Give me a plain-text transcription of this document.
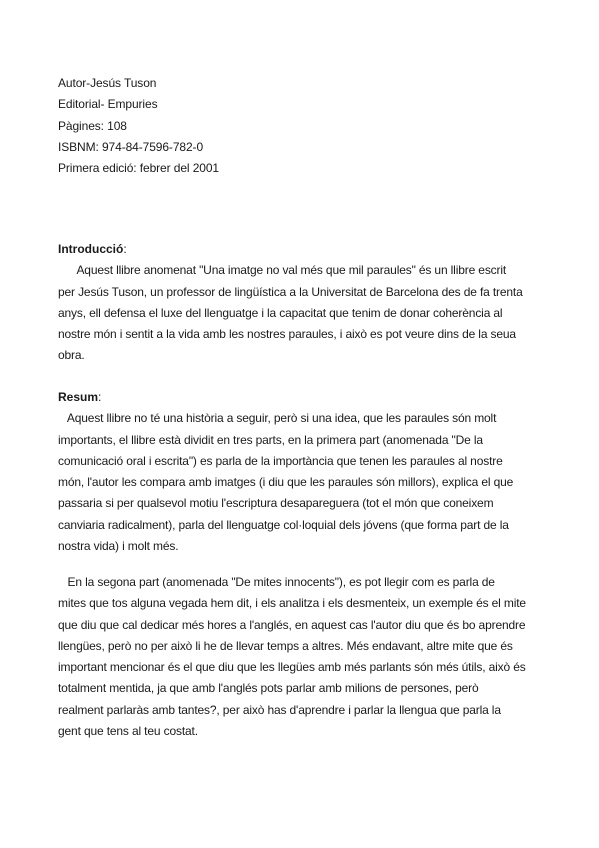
Autor-Jesús Tuson
Editorial- Empuries
Pàgines: 108
ISBNM: 974-84-7596-782-0
Primera edició: febrer del 2001
Introducció:

Aquest llibre anomenat "Una imatge no val més que mil paraules" és un llibre escrit
per Jesús Tuson, un professor de lingüística a la Universitat de Barcelona des de fa trenta
anys, ell defensa el luxe del llenguatge i la capacitat que tenim de donar coherència al
nostre món i sentit a la vida amb les nostres paraules, i això es pot veure dins de la seua
obra.

Resum:

Aquest llibre no té una història a seguir, però si una idea, que les paraules són molt
importants, el llibre està dividit en tres parts, en la primera part (anomenada "De la
comunicació oral i escrita") es parla de la importància que tenen les paraules al nostre
món, l'autor les compara amb imatges (i diu que les paraules són millors), explica el que
passaria si per qualsevol motiu l'escriptura desapareguera (tot el món que coneixem
canviaria radicalment), parla del llenguatge col·loquial dels jóvens (que forma part de la
nostra vida) i molt més.

En la segona part (anomenada "De mites innocents"), es pot llegir com es parla de
mites que tos alguna vegada hem dit, i els analitza i els desmenteix, un exemple és el mite
que diu que cal dedicar més hores a l'anglés, en aquest cas l'autor diu que és bo aprendre
llengües, però no per això li he de llevar temps a altres. Més endavant, altre mite que és
important mencionar és el que diu que les llegües amb més parlants són més útils, això és
totalment mentida, ja que amb l'anglés pots parlar amb milions de persones, però
realment parlaràs amb tantes?, per això has d'aprendre i parlar la llengua que parla la
gent que tens al teu costat.
